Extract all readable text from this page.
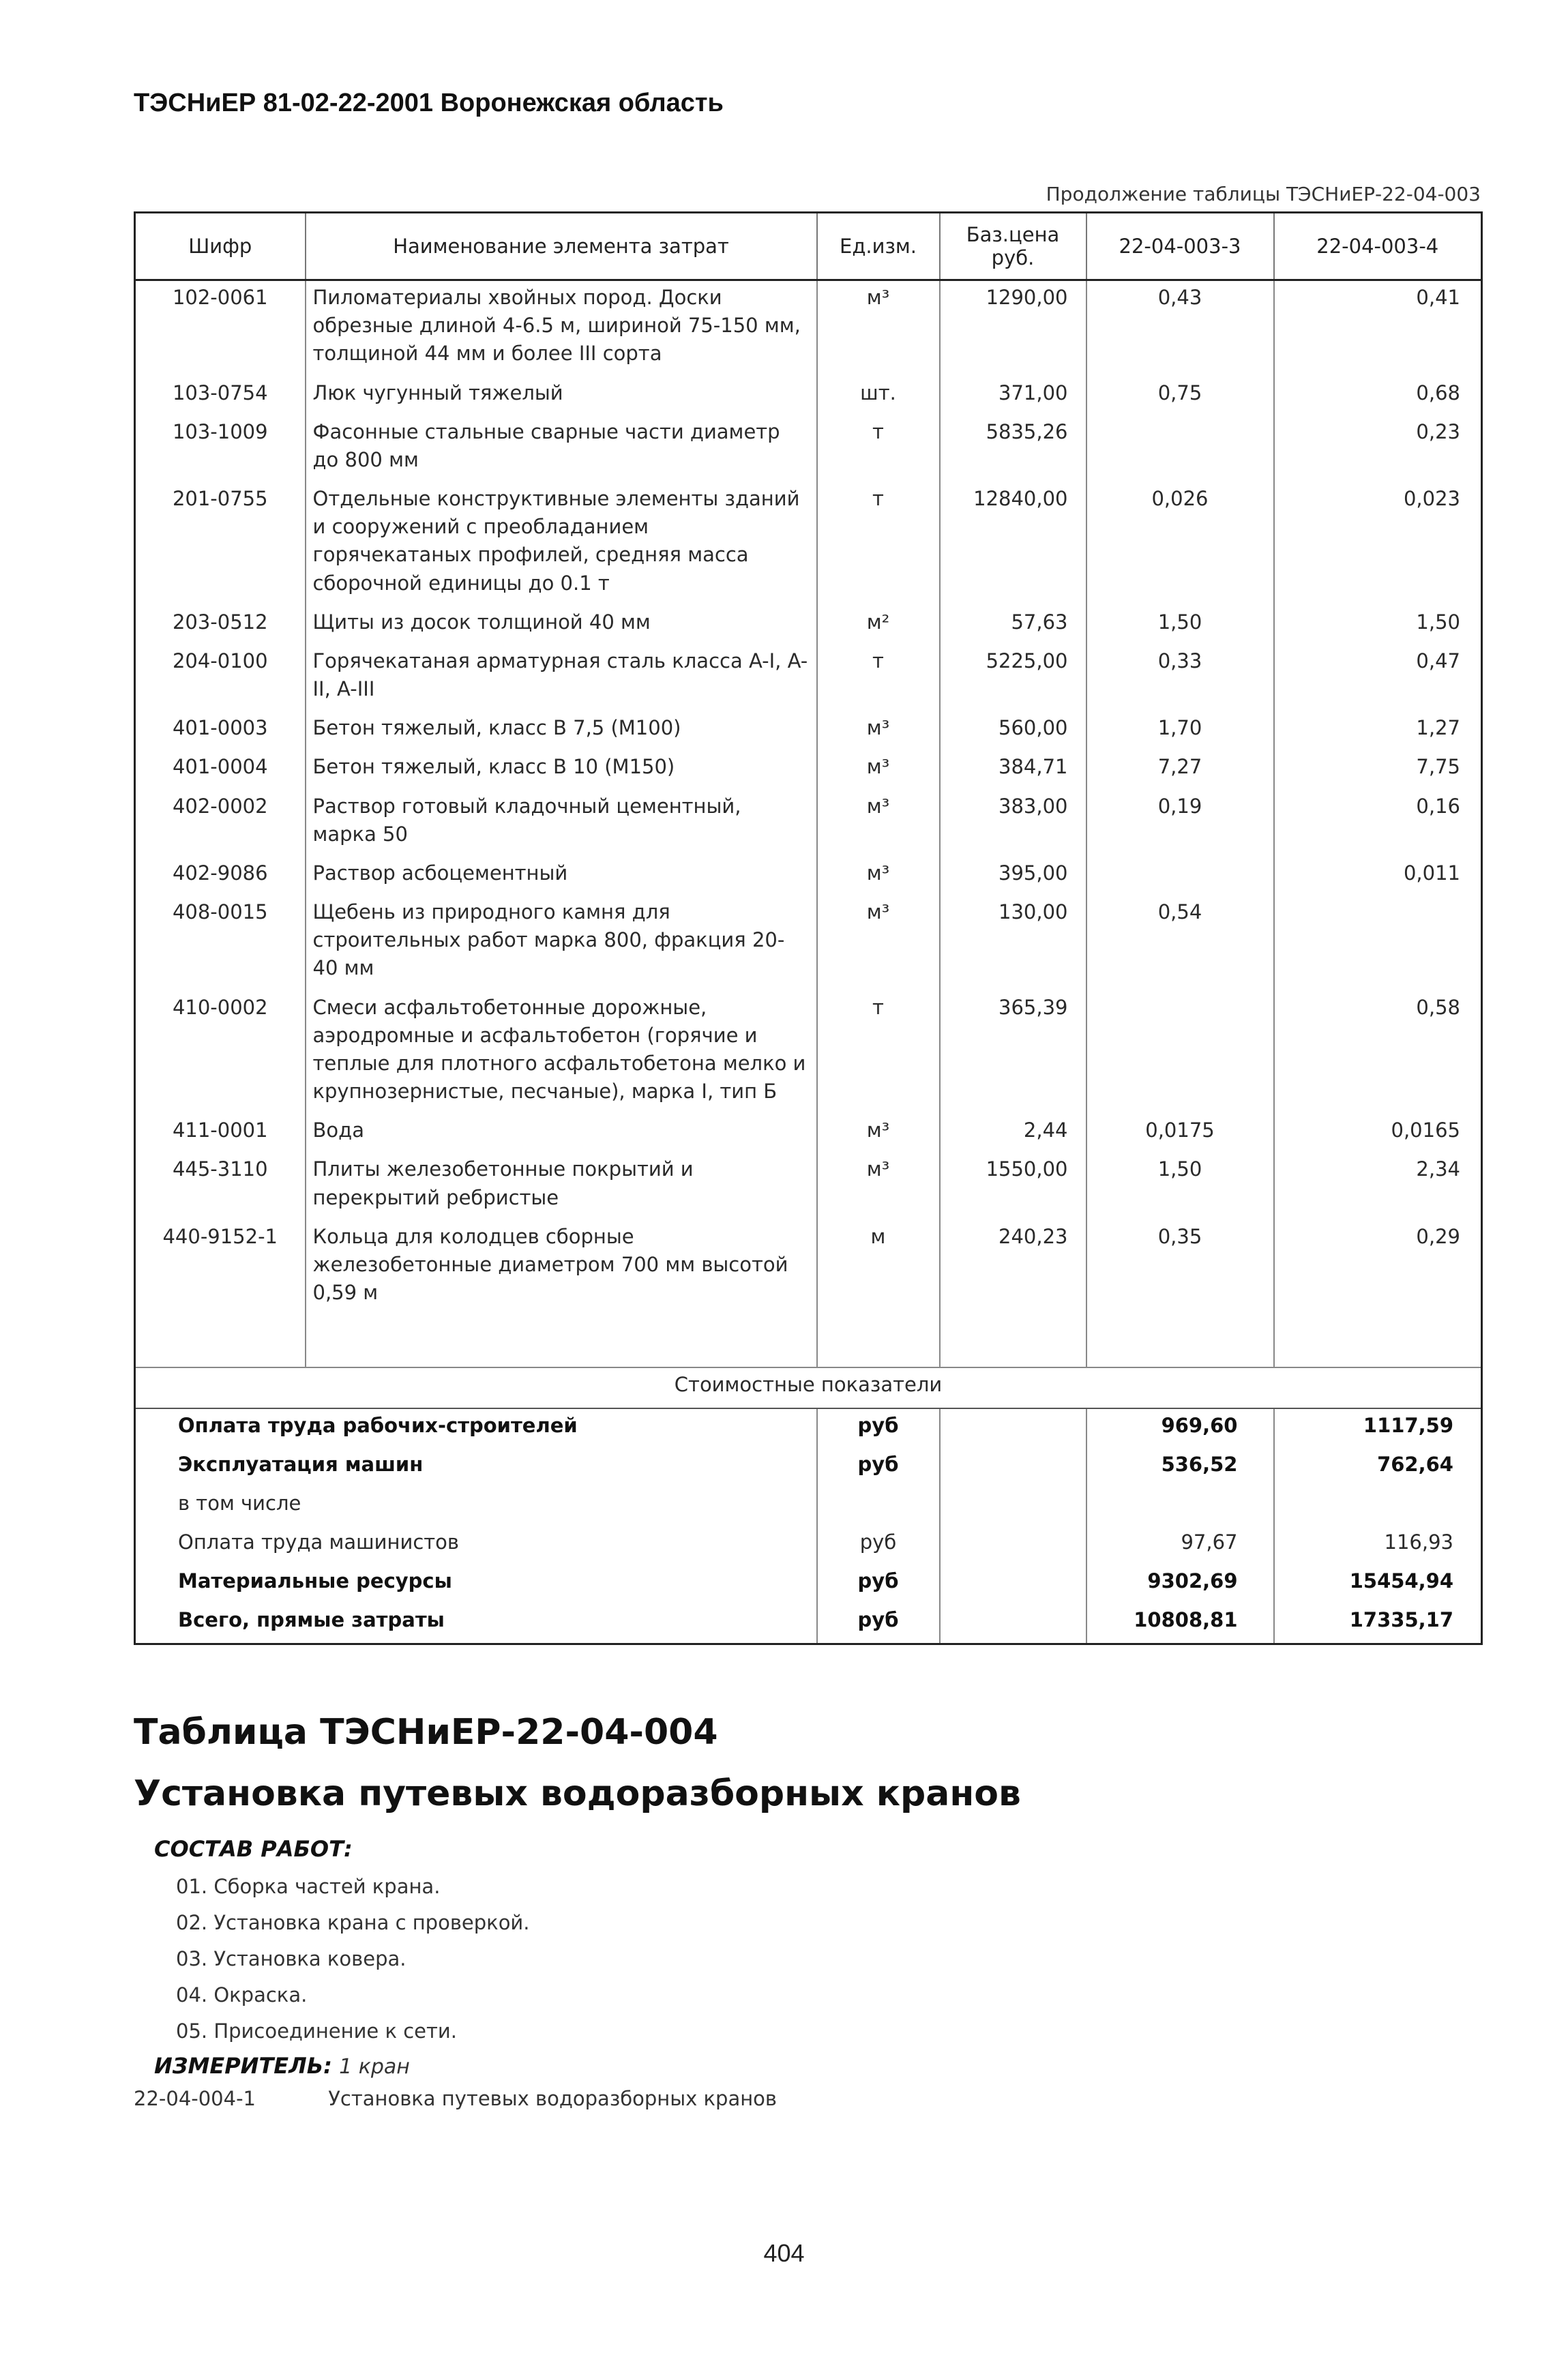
ТЭСНиЕР 81-02-22-2001 Воронежская область
Продолжение таблицы ТЭСНиЕР-22-04-003
Шифр	Наименование элемента затрат	Ед.изм.	Баз.цена руб.	22-04-003-3	22-04-003-4
102-0061	Пиломатериалы хвойных пород. Доски обрезные длиной 4-6.5 м, шириной 75-150 мм, толщиной 44 мм и более III сорта	м³	1290,00	0,43	0,41
103-0754	Люк чугунный тяжелый	шт.	371,00	0,75	0,68
103-1009	Фасонные стальные сварные части диаметр до 800 мм	т	5835,26		0,23
201-0755	Отдельные конструктивные элементы зданий и сооружений с преобладанием горячекатаных профилей, средняя масса сборочной единицы до 0.1 т	т	12840,00	0,026	0,023
203-0512	Щиты из досок толщиной 40 мм	м²	57,63	1,50	1,50
204-0100	Горячекатаная арматурная сталь класса A-I, A-II, A-III	т	5225,00	0,33	0,47
401-0003	Бетон тяжелый, класс В 7,5 (М100)	м³	560,00	1,70	1,27
401-0004	Бетон тяжелый, класс В 10 (М150)	м³	384,71	7,27	7,75
402-0002	Раствор готовый кладочный цементный, марка 50	м³	383,00	0,19	0,16
402-9086	Раствор асбоцементный	м³	395,00		0,011
408-0015	Щебень из природного камня для строительных работ марка 800, фракция 20-40 мм	м³	130,00	0,54	
410-0002	Смеси асфальтобетонные дорожные, аэродромные и асфальтобетон (горячие и теплые для плотного асфальтобетона мелко и крупнозернистые, песчаные), марка I, тип Б	т	365,39		0,58
411-0001	Вода	м³	2,44	0,0175	0,0165
445-3110	Плиты железобетонные покрытий и перекрытий ребристые	м³	1550,00	1,50	2,34
440-9152-1	Кольца для колодцев сборные железобетонные диаметром 700 мм высотой 0,59 м	м	240,23	0,35	0,29

Стоимостные показатели					
Оплата труда рабочих-строителей		руб		969,60	1117,59
Эксплуатация машин		руб		536,52	762,64
в том числе					
Оплата труда машинистов		руб		97,67	116,93
Материальные ресурсы		руб		9302,69	15454,94
Всего, прямые затраты		руб		10808,81	17335,17
Таблица ТЭСНиЕР-22-04-004
Установка путевых водоразборных кранов
СОСТАВ РАБОТ:
01. Сборка частей крана.
02. Установка крана с проверкой.
03. Установка ковера.
04. Окраска.
05. Присоединение к сети.
ИЗМЕРИТЕЛЬ: 1 кран
22-04-004-1	Установка путевых водоразборных кранов
404
